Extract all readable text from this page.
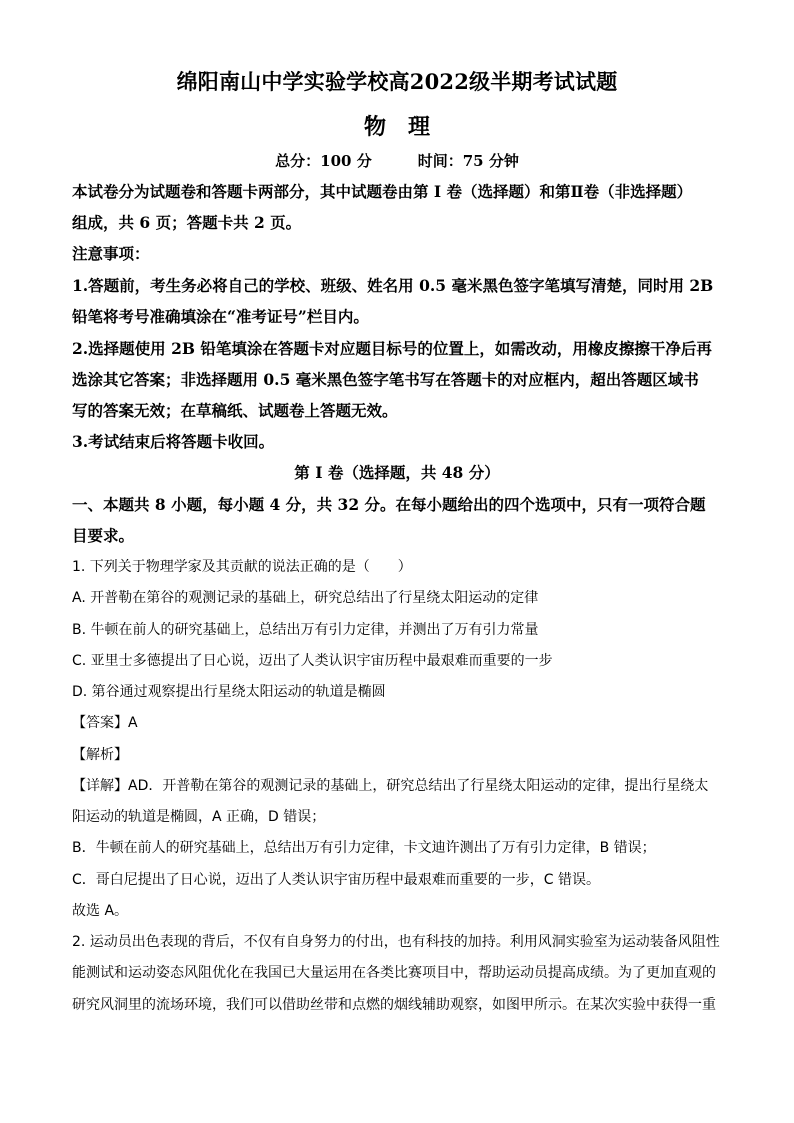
绵阳南山中学实验学校高2022级半期考试试题
物　理
总分：100 分	时间：75 分钟
本试卷分为试题卷和答题卡两部分，其中试题卷由第 I 卷（选择题）和第Ⅱ卷（非选择题）
组成，共 6 页；答题卡共 2 页。
注意事项：
1.答题前，考生务必将自己的学校、班级、姓名用 0.5 毫米黑色签字笔填写清楚，同时用 2B
铅笔将考号准确填涂在“准考证号”栏目内。
2.选择题使用 2B 铅笔填涂在答题卡对应题目标号的位置上，如需改动，用橡皮擦擦干净后再
选涂其它答案；非选择题用 0.5 毫米黑色签字笔书写在答题卡的对应框内，超出答题区域书
写的答案无效；在草稿纸、试题卷上答题无效。
3.考试结束后将答题卡收回。
第 I 卷（选择题，共 48 分）
一、本题共 8 小题，每小题 4 分，共 32 分。在每小题给出的四个选项中，只有一项符合题
目要求。
1. 下列关于物理学家及其贡献的说法正确的是（　　）
A. 开普勒在第谷的观测记录的基础上，研究总结出了行星绕太阳运动的定律
B. 牛顿在前人的研究基础上，总结出万有引力定律，并测出了万有引力常量
C. 亚里士多德提出了日心说，迈出了人类认识宇宙历程中最艰难而重要的一步
D. 第谷通过观察提出行星绕太阳运动的轨道是椭圆
【答案】A
【解析】
【详解】AD．开普勒在第谷的观测记录的基础上，研究总结出了行星绕太阳运动的定律，提出行星绕太
阳运动的轨道是椭圆，A 正确，D 错误；
B．牛顿在前人的研究基础上，总结出万有引力定律，卡文迪许测出了万有引力定律，B 错误；
C．哥白尼提出了日心说，迈出了人类认识宇宙历程中最艰难而重要的一步，C 错误。
故选 A。
2. 运动员出色表现的背后，不仅有自身努力的付出，也有科技的加持。利用风洞实验室为运动装备风阻性
能测试和运动姿态风阻优化在我国已大量运用在各类比赛项目中，帮助运动员提高成绩。为了更加直观的
研究风洞里的流场环境，我们可以借助丝带和点燃的烟线辅助观察，如图甲所示。在某次实验中获得一重
